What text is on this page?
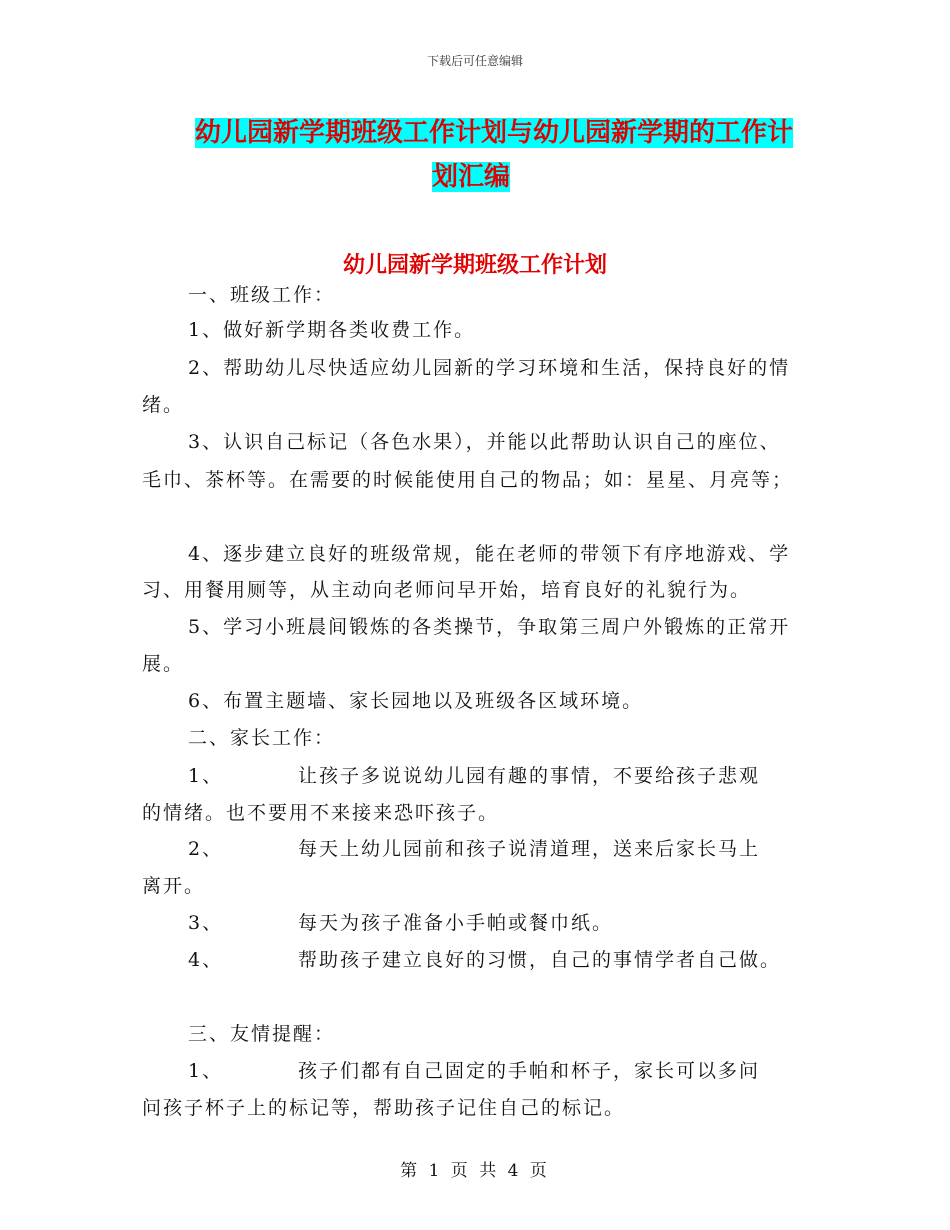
下载后可任意编辑
幼儿园新学期班级工作计划与幼儿园新学期的工作计
划汇编
幼儿园新学期班级工作计划
一、班级工作：
1、做好新学期各类收费工作。
2、帮助幼儿尽快适应幼儿园新的学习环境和生活，保持良好的情
绪。
3、认识自己标记（各色水果），并能以此帮助认识自己的座位、
毛巾、茶杯等。在需要的时候能使用自己的物品；如：星星、月亮等；
4、逐步建立良好的班级常规，能在老师的带领下有序地游戏、学
习、用餐用厕等，从主动向老师问早开始，培育良好的礼貌行为。
5、学习小班晨间锻炼的各类操节，争取第三周户外锻炼的正常开
展。
6、布置主题墙、家长园地以及班级各区域环境。
二、家长工作：
1、	让孩子多说说幼儿园有趣的事情，不要给孩子悲观
的情绪。也不要用不来接来恐吓孩子。
2、	每天上幼儿园前和孩子说清道理，送来后家长马上
离开。
3、	每天为孩子准备小手帕或餐巾纸。
4、	帮助孩子建立良好的习惯，自己的事情学者自己做。
三、友情提醒：
1、	孩子们都有自己固定的手帕和杯子，家长可以多问
问孩子杯子上的标记等，帮助孩子记住自己的标记。
第 1 页 共 4 页
